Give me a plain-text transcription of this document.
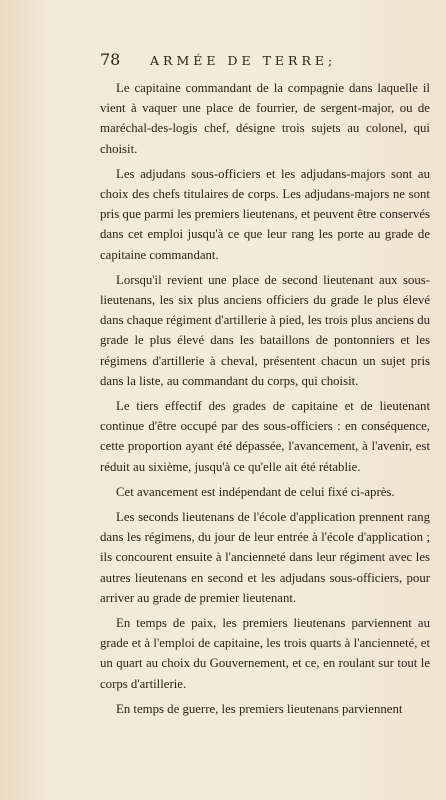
78	ARMÉE DE TERRE;

Le capitaine commandant de la compagnie dans laquelle il vient à vaquer une place de fourrier, de sergent-major, ou de maréchal-des-logis chef, désigne trois sujets au colonel, qui choisit.

Les adjudans sous-officiers et les adjudans-majors sont au choix des chefs titulaires de corps. Les adjudans-majors ne sont pris que parmi les premiers lieutenans, et peuvent être conservés dans cet emploi jusqu'à ce que leur rang les porte au grade de capitaine commandant.

Lorsqu'il revient une place de second lieutenant aux sous-lieutenans, les six plus anciens officiers du grade le plus élevé dans chaque régiment d'artillerie à pied, les trois plus anciens du grade le plus élevé dans les bataillons de pontonniers et les régimens d'artillerie à cheval, présentent chacun un sujet pris dans la liste, au commandant du corps, qui choisit.

Le tiers effectif des grades de capitaine et de lieutenant continue d'être occupé par des sous-officiers : en conséquence, cette proportion ayant été dépassée, l'avancement, à l'avenir, est réduit au sixième, jusqu'à ce qu'elle ait été rétablie.

Cet avancement est indépendant de celui fixé ci-après.

Les seconds lieutenans de l'école d'application prennent rang dans les régimens, du jour de leur entrée à l'école d'application ; ils concourent ensuite à l'ancienneté dans leur régiment avec les autres lieutenans en second et les adjudans sous-officiers, pour arriver au grade de premier lieutenant.

En temps de paix, les premiers lieutenans parviennent au grade et à l'emploi de capitaine, les trois quarts à l'ancienneté, et un quart au choix du Gouvernement, et ce, en roulant sur tout le corps d'artillerie.

En temps de guerre, les premiers lieutenans parviennent
